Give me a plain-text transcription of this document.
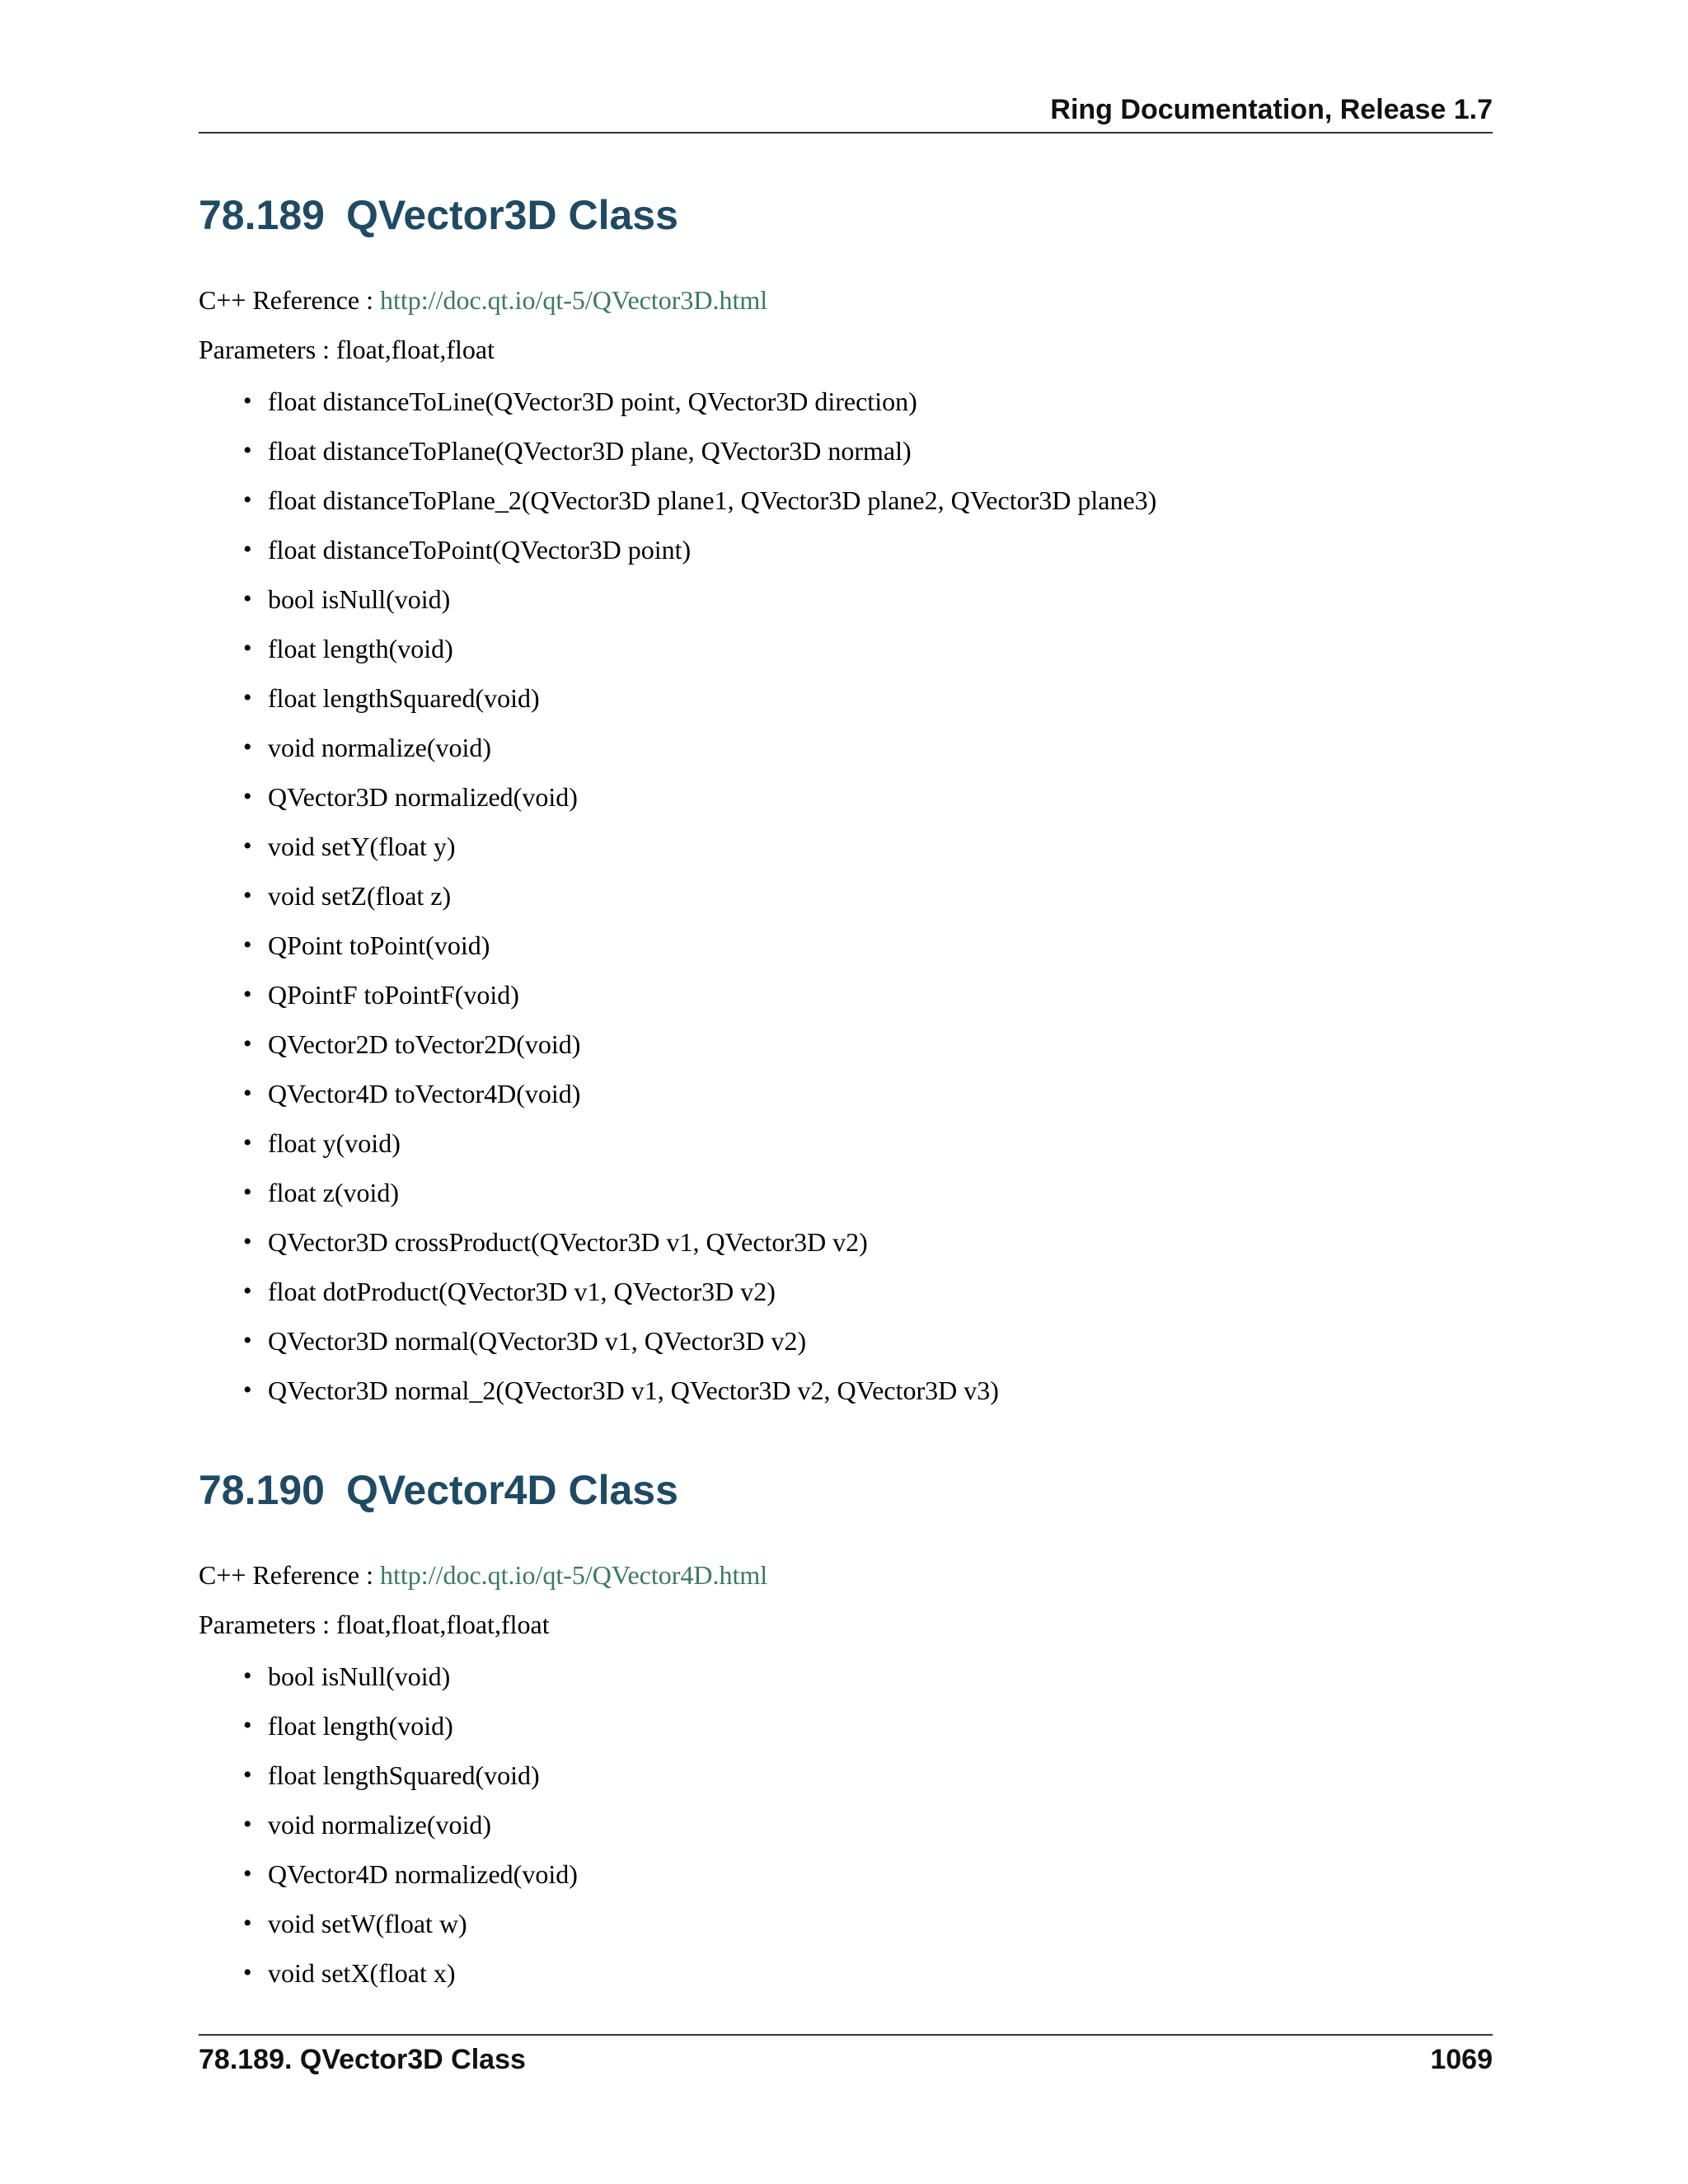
Ring Documentation, Release 1.7
78.189 QVector3D Class
C++ Reference : http://doc.qt.io/qt-5/QVector3D.html
Parameters : float,float,float
• float distanceToLine(QVector3D point, QVector3D direction)
• float distanceToPlane(QVector3D plane, QVector3D normal)
• float distanceToPlane_2(QVector3D plane1, QVector3D plane2, QVector3D plane3)
• float distanceToPoint(QVector3D point)
• bool isNull(void)
• float length(void)
• float lengthSquared(void)
• void normalize(void)
• QVector3D normalized(void)
• void setY(float y)
• void setZ(float z)
• QPoint toPoint(void)
• QPointF toPointF(void)
• QVector2D toVector2D(void)
• QVector4D toVector4D(void)
• float y(void)
• float z(void)
• QVector3D crossProduct(QVector3D v1, QVector3D v2)
• float dotProduct(QVector3D v1, QVector3D v2)
• QVector3D normal(QVector3D v1, QVector3D v2)
• QVector3D normal_2(QVector3D v1, QVector3D v2, QVector3D v3)
78.190 QVector4D Class
C++ Reference : http://doc.qt.io/qt-5/QVector4D.html
Parameters : float,float,float,float
• bool isNull(void)
• float length(void)
• float lengthSquared(void)
• void normalize(void)
• QVector4D normalized(void)
• void setW(float w)
• void setX(float x)
78.189. QVector3D Class	1069
